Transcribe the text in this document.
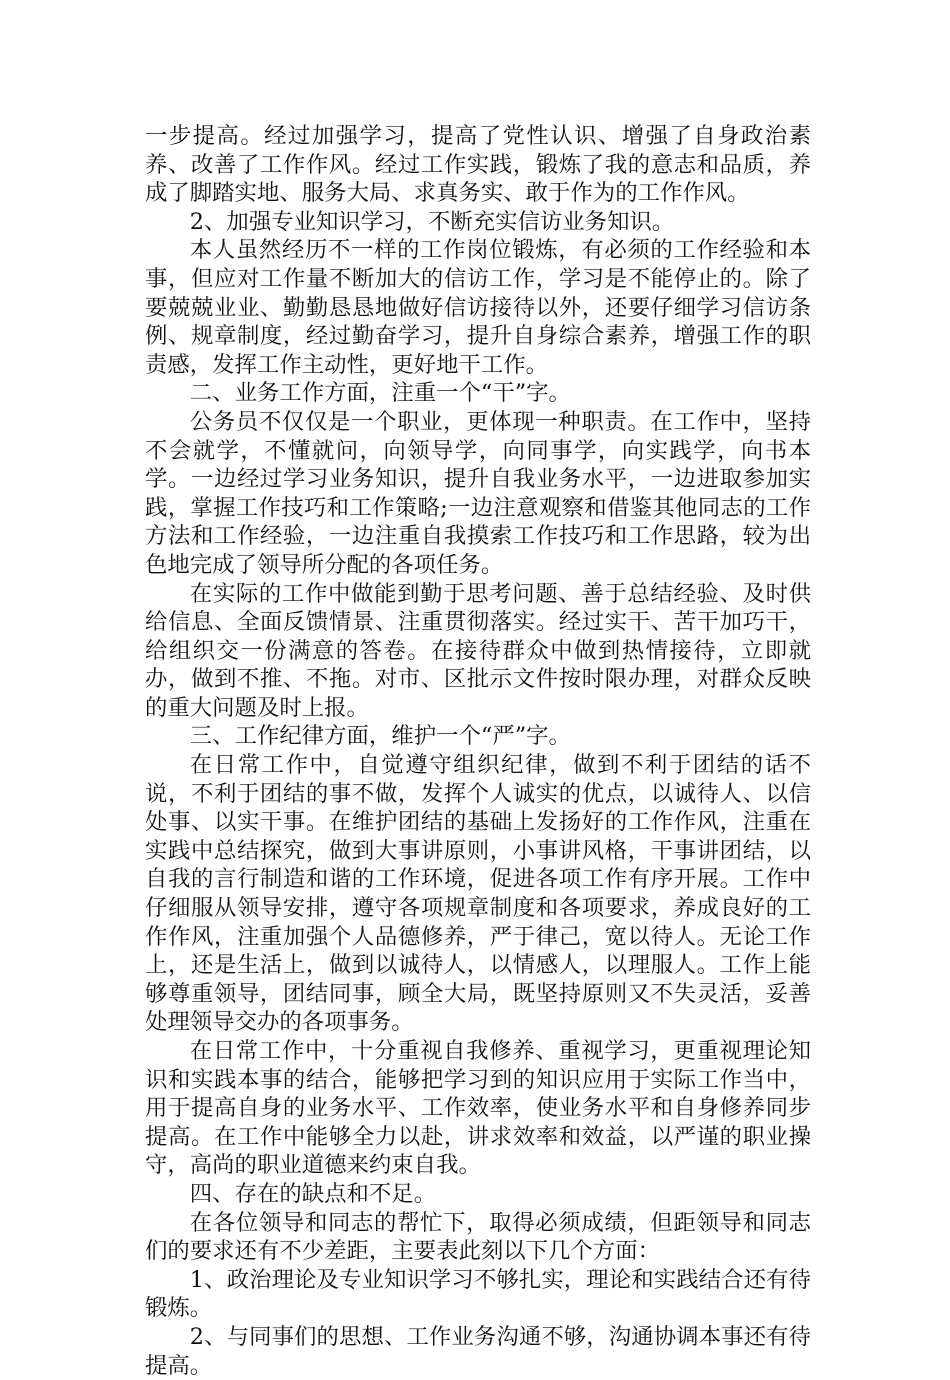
一步提高。经过加强学习，提高了党性认识、增强了自身政治素养、改善了工作作风。经过工作实践，锻炼了我的意志和品质，养成了脚踏实地、服务大局、求真务实、敢于作为的工作作风。

2、加强专业知识学习，不断充实信访业务知识。

本人虽然经历不一样的工作岗位锻炼，有必须的工作经验和本事，但应对工作量不断加大的信访工作，学习是不能停止的。除了要兢兢业业、勤勤恳恳地做好信访接待以外，还要仔细学习信访条例、规章制度，经过勤奋学习，提升自身综合素养，增强工作的职责感，发挥工作主动性，更好地干工作。

二、业务工作方面，注重一个“干”字。

公务员不仅仅是一个职业，更体现一种职责。在工作中，坚持不会就学，不懂就问，向领导学，向同事学，向实践学，向书本学。一边经过学习业务知识，提升自我业务水平，一边进取参加实践，掌握工作技巧和工作策略;一边注意观察和借鉴其他同志的工作方法和工作经验，一边注重自我摸索工作技巧和工作思路，较为出色地完成了领导所分配的各项任务。

在实际的工作中做能到勤于思考问题、善于总结经验、及时供给信息、全面反馈情景、注重贯彻落实。经过实干、苦干加巧干，给组织交一份满意的答卷。在接待群众中做到热情接待，立即就办，做到不推、不拖。对市、区批示文件按时限办理，对群众反映的重大问题及时上报。

三、工作纪律方面，维护一个“严”字。

在日常工作中，自觉遵守组织纪律，做到不利于团结的话不说，不利于团结的事不做，发挥个人诚实的优点，以诚待人、以信处事、以实干事。在维护团结的基础上发扬好的工作作风，注重在实践中总结探究，做到大事讲原则，小事讲风格，干事讲团结，以自我的言行制造和谐的工作环境，促进各项工作有序开展。工作中仔细服从领导安排，遵守各项规章制度和各项要求，养成良好的工作作风，注重加强个人品德修养，严于律己，宽以待人。无论工作上，还是生活上，做到以诚待人，以情感人，以理服人。工作上能够尊重领导，团结同事，顾全大局，既坚持原则又不失灵活，妥善处理领导交办的各项事务。

在日常工作中，十分重视自我修养、重视学习，更重视理论知识和实践本事的结合，能够把学习到的知识应用于实际工作当中，用于提高自身的业务水平、工作效率，使业务水平和自身修养同步提高。在工作中能够全力以赴，讲求效率和效益，以严谨的职业操守，高尚的职业道德来约束自我。

四、存在的缺点和不足。

在各位领导和同志的帮忙下，取得必须成绩，但距领导和同志们的要求还有不少差距，主要表此刻以下几个方面：

1、政治理论及专业知识学习不够扎实，理论和实践结合还有待锻炼。

2、与同事们的思想、工作业务沟通不够，沟通协调本事还有待提高。
